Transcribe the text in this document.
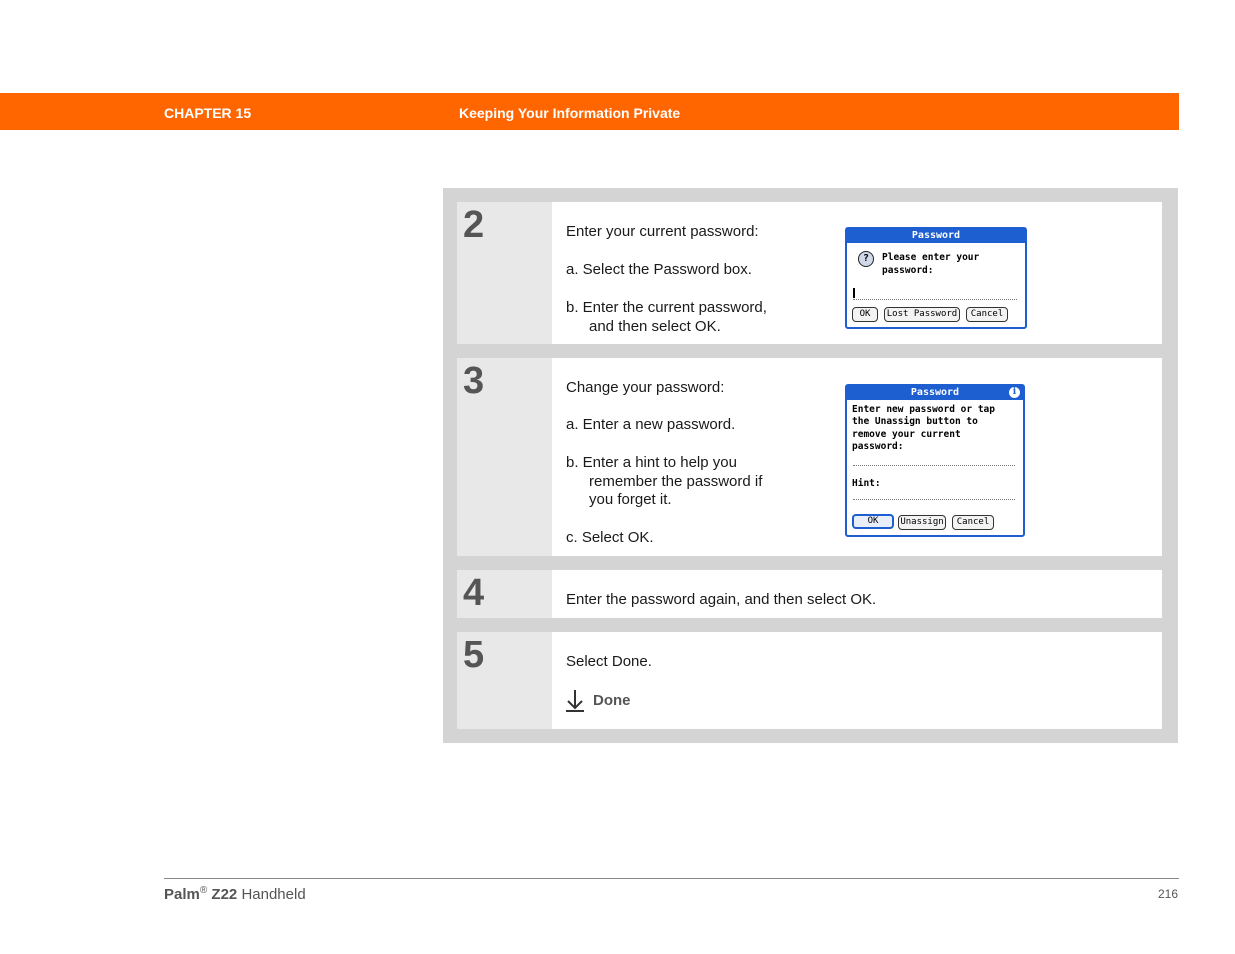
CHAPTER 15	Keeping Your Information Private
2	Enter your current password:
a. Select the Password box.
b. Enter the current password,
and then select OK.
Password
?	Please enter your
password:
OK	Lost Password	Cancel
3	Change your password:
a. Enter a new password.
b. Enter a hint to help you
remember the password if
you forget it.
c. Select OK.
Password	i
Enter new password or tap
the Unassign button to
remove your current
password:
Hint:
OK	Unassign	Cancel
4	Enter the password again, and then select OK.
5	Select Done.
Done
Palm® Z22 Handheld	216
